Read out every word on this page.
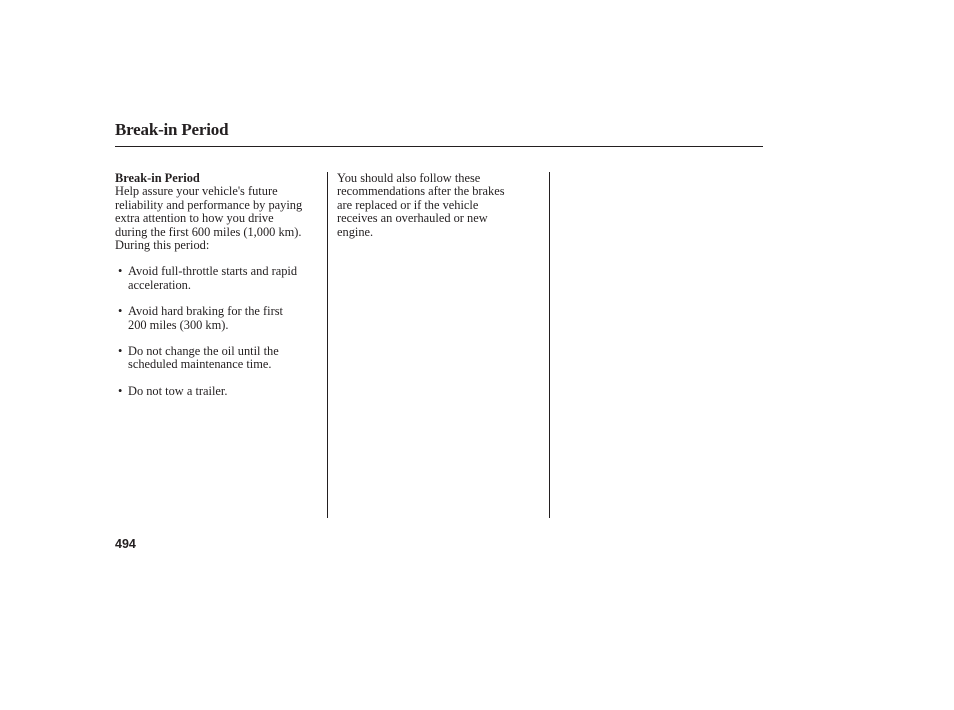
Break-in Period
Break-in Period
Help assure your vehicle's future
reliability and performance by paying
extra attention to how you drive
during the first 600 miles (1,000 km).
During this period:
• Avoid full-throttle starts and rapid
acceleration.
• Avoid hard braking for the first
200 miles (300 km).
• Do not change the oil until the
scheduled maintenance time.
• Do not tow a trailer.
You should also follow these
recommendations after the brakes
are replaced or if the vehicle
receives an overhauled or new
engine.
494
